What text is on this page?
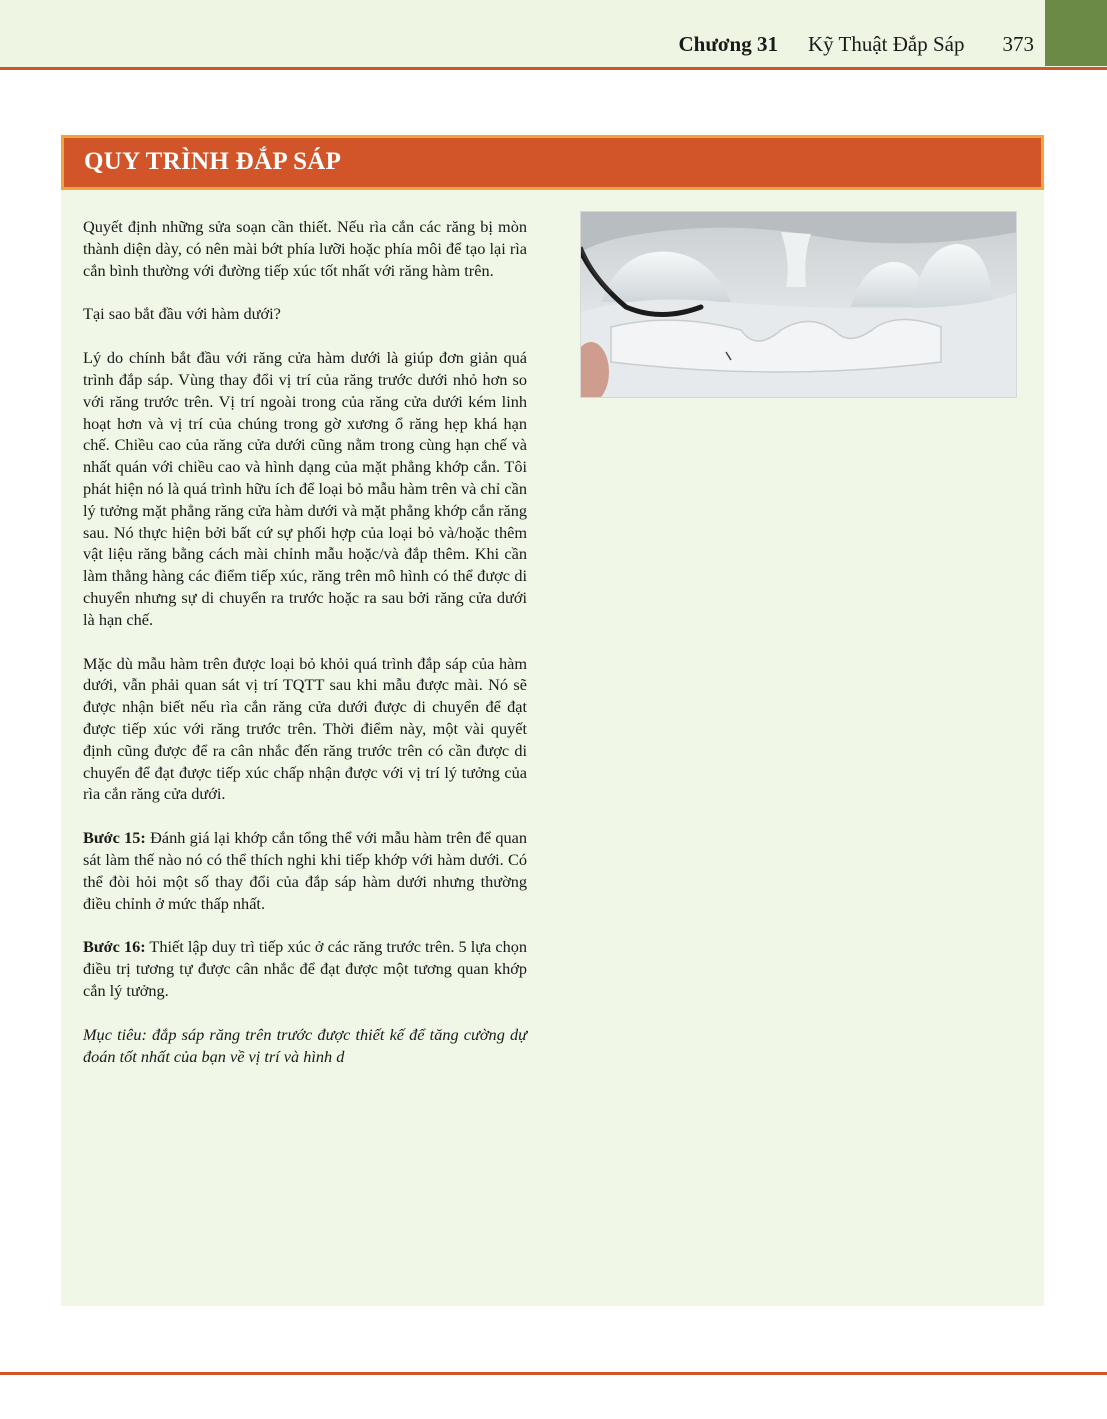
Chương 31 Kỹ Thuật Đắp Sáp 373
QUY TRÌNH ĐẮP SÁP

Quyết định những sửa soạn cần thiết. Nếu rìa cắn các răng bị mòn thành diện dày, có nên mài bớt phía lưỡi hoặc phía môi để tạo lại rìa cắn bình thường với đường tiếp xúc tốt nhất với răng hàm trên.

Tại sao bắt đầu với hàm dưới?

Lý do chính bắt đầu với răng cửa hàm dưới là giúp đơn giản quá trình đắp sáp. Vùng thay đổi vị trí của răng trước dưới nhỏ hơn so với răng trước trên. Vị trí ngoài trong của răng cửa dưới kém linh hoạt hơn và vị trí của chúng trong gờ xương ổ răng hẹp khá hạn chế. Chiều cao của răng cửa dưới cũng nằm trong cùng hạn chế và nhất quán với chiều cao và hình dạng của mặt phẳng khớp cắn. Tôi phát hiện nó là quá trình hữu ích để loại bỏ mẫu hàm trên và chỉ cần lý tưởng mặt phẳng răng cửa hàm dưới và mặt phẳng khớp cắn răng sau. Nó thực hiện bởi bất cứ sự phối hợp của loại bỏ và/hoặc thêm vật liệu răng bằng cách mài chỉnh mẫu hoặc/và đắp thêm. Khi cần làm thẳng hàng các điểm tiếp xúc, răng trên mô hình có thể được di chuyển nhưng sự di chuyển ra trước hoặc ra sau bởi răng cửa dưới là hạn chế.

Mặc dù mẫu hàm trên được loại bỏ khỏi quá trình đắp sáp của hàm dưới, vẫn phải quan sát vị trí TQTT sau khi mẫu được mài. Nó sẽ được nhận biết nếu rìa cắn răng cửa dưới được di chuyển để đạt được tiếp xúc với răng trước trên. Thời điểm này, một vài quyết định cũng được để ra cân nhắc đến răng trước trên có cần được di chuyển để đạt được tiếp xúc chấp nhận được với vị trí lý tưởng của rìa cắn răng cửa dưới.

Bước 15: Đánh giá lại khớp cắn tổng thể với mẫu hàm trên để quan sát làm thế nào nó có thể thích nghi khi tiếp khớp với hàm dưới. Có thể đòi hỏi một số thay đổi của đắp sáp hàm dưới nhưng thường điều chỉnh ở mức thấp nhất.

Bước 16: Thiết lập duy trì tiếp xúc ở các răng trước trên. 5 lựa chọn điều trị tương tự được cân nhắc để đạt được một tương quan khớp cắn lý tưởng.

Mục tiêu: đắp sáp răng trên trước được thiết kế để tăng cường dự đoán tốt nhất của bạn về vị trí và hình d
